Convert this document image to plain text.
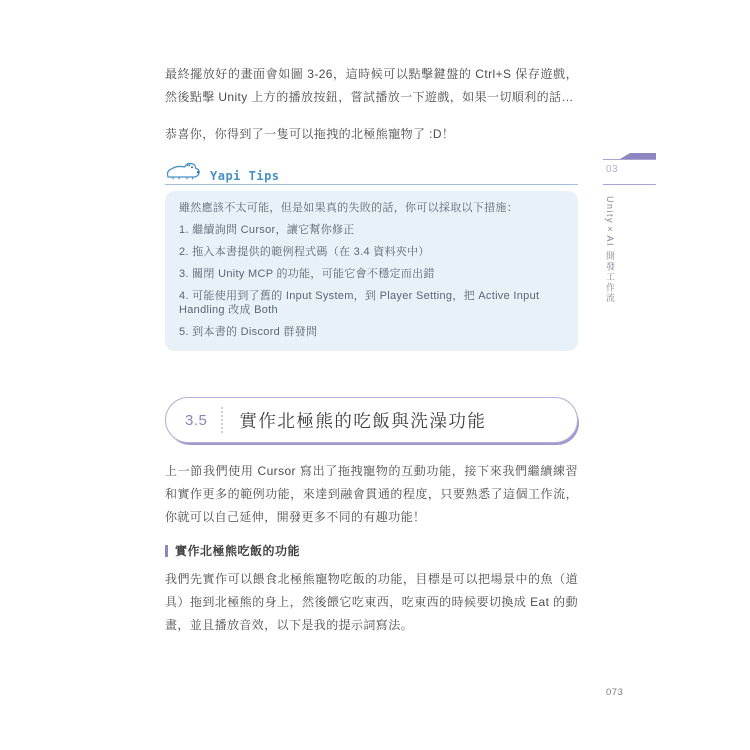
最終擺放好的畫面會如圖 3-26，這時候可以點擊鍵盤的 Ctrl+S 保存遊戲，然後點擊 Unity 上方的播放按鈕，嘗試播放一下遊戲，如果一切順利的話…

恭喜你，你得到了一隻可以拖拽的北極熊寵物了 :D！

Yapi Tips
雖然應該不太可能，但是如果真的失敗的話，你可以採取以下措施：
1. 繼續詢問 Cursor，讓它幫你修正
2. 拖入本書提供的範例程式碼（在 3.4 資料夾中）
3. 關閉 Unity MCP 的功能，可能它會不穩定而出錯
4. 可能使用到了舊的 Input System，到 Player Setting，把 Active Input Handling 改成 Both
5. 到本書的 Discord 群發問
3.5 實作北極熊的吃飯與洗澡功能

上一節我們使用 Cursor 寫出了拖拽寵物的互動功能，接下來我們繼續練習和實作更多的範例功能，來達到融會貫通的程度，只要熟悉了這個工作流，你就可以自己延伸，開發更多不同的有趣功能！

實作北極熊吃飯的功能

我們先實作可以餵食北極熊寵物吃飯的功能，目標是可以把場景中的魚（道具）拖到北極熊的身上，然後餵它吃東西，吃東西的時候要切換成 Eat 的動畫，並且播放音效，以下是我的提示詞寫法。

03
Unity×AI 開發工作流
073
